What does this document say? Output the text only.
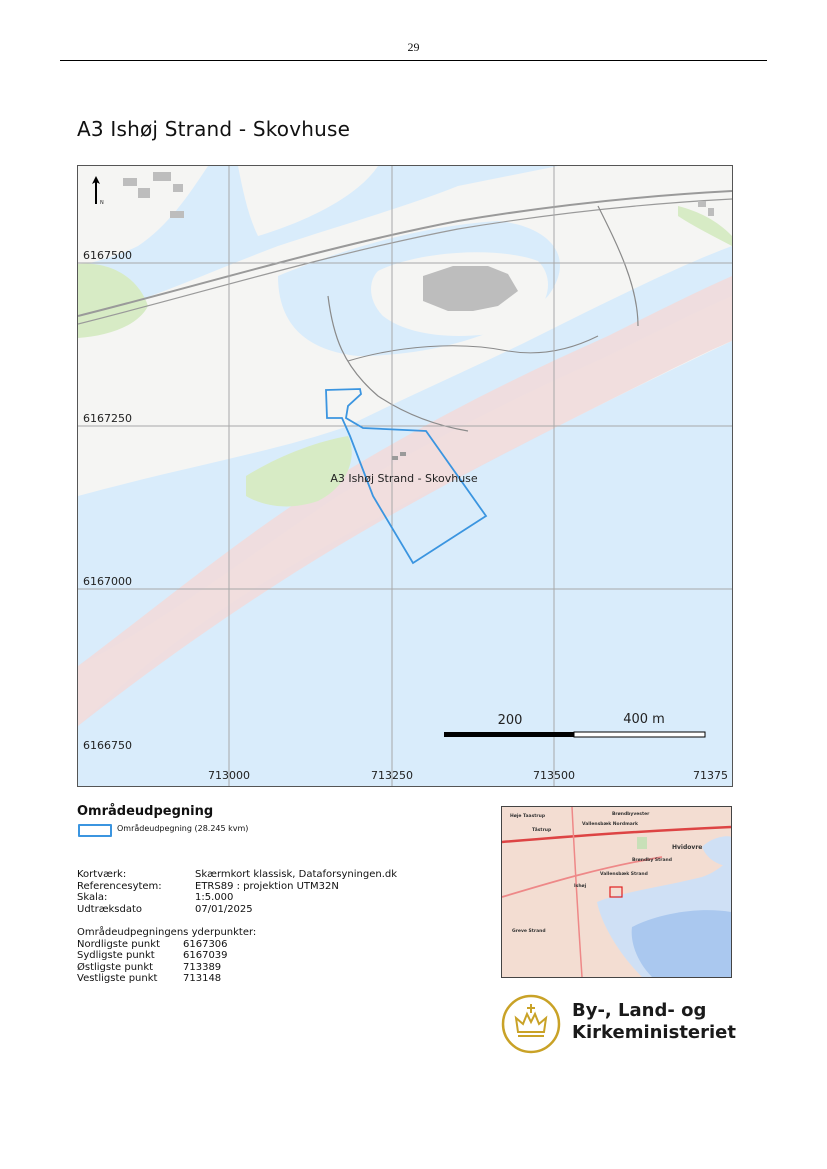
29
A3 Ishøj Strand - Skovhuse
N
6167500
6167250
6167000
6166750
713000	713250	713500	71375
A3 Ishøj Strand - Skovhuse
200	400 m
Områdeudpegning
Områdeudpegning (28.245 kvm)
Kortværk:	Skærmkort klassisk, Dataforsyningen.dk
Referencesytem:	ETRS89 : projektion UTM32N
Skala:	1:5.000
Udtræksdato	07/01/2025
Områdeudpegningens yderpunkter:
Nordligste punkt 6167306
Sydligste punkt	6167039
Østligste punkt	713389
Vestligste punkt	713148
Høje Taastrup	Brøndbyvester
Vallensbæk Nordmark
Tåstrup
Hvidovre
Brøndby Strand
Vallensbæk Strand
Ishøj
Greve Strand
By-, Land- og
Kirkeministeriet
